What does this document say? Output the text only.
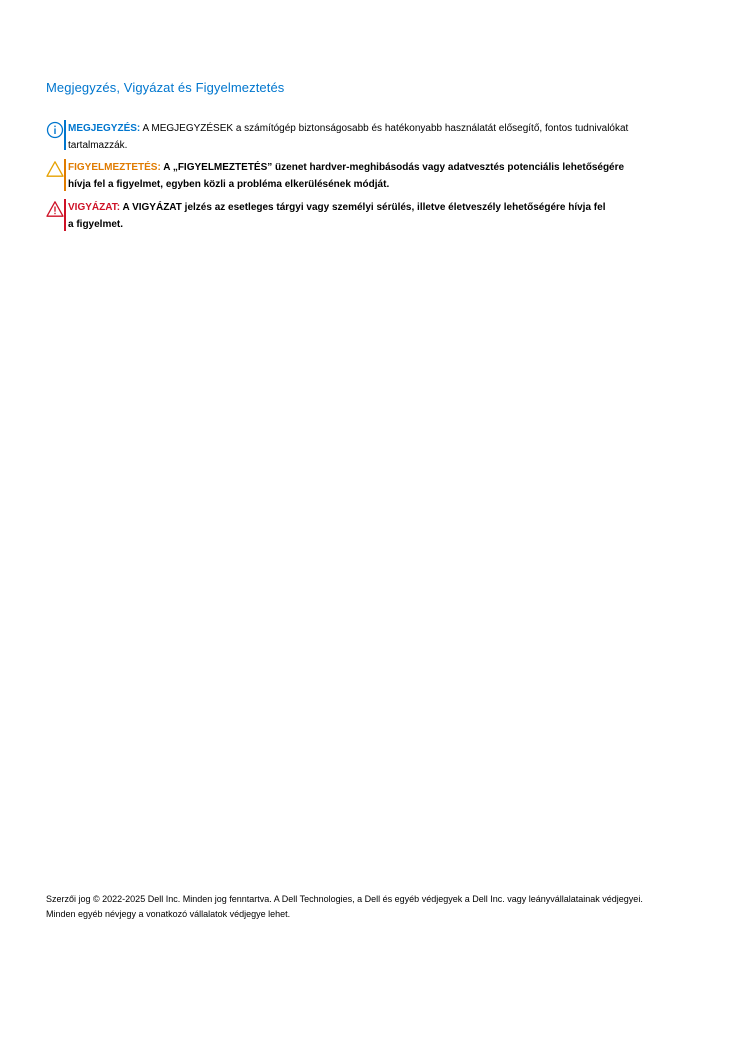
Megjegyzés, Vigyázat és Figyelmeztetés
MEGJEGYZÉS: A MEGJEGYZÉSEK a számítógép biztonságosabb és hatékonyabb használatát elősegítő, fontos tudnivalókat
tartalmazzák.
FIGYELMEZTETÉS: A „FIGYELMEZTETÉS” üzenet hardver-meghibásodás vagy adatvesztés potenciális lehetőségére
hívja fel a figyelmet, egyben közli a probléma elkerülésének módját.
VIGYÁZAT: A VIGYÁZAT jelzés az esetleges tárgyi vagy személyi sérülés, illetve életveszély lehetőségére hívja fel
a figyelmet.
Szerzői jog © 2022-2025 Dell Inc. Minden jog fenntartva. A Dell Technologies, a Dell és egyéb védjegyek a Dell Inc. vagy leányvállalatainak védjegyei.
Minden egyéb névjegy a vonatkozó vállalatok védjegye lehet.
